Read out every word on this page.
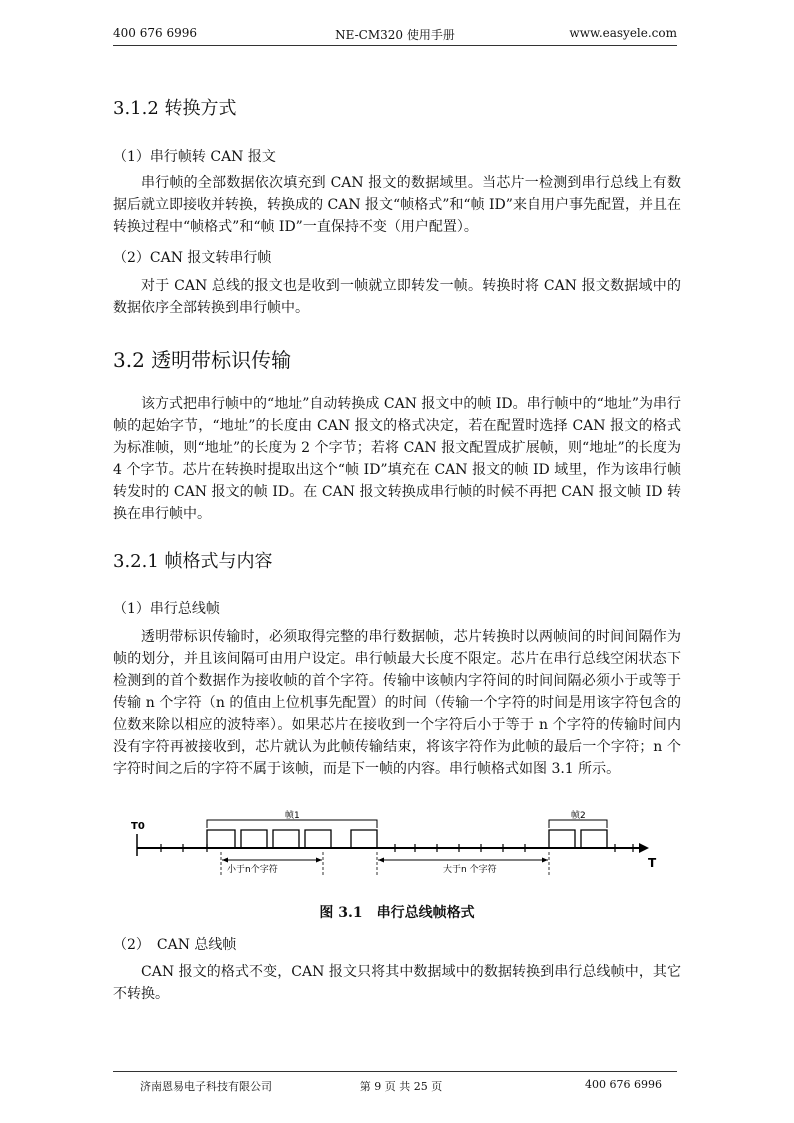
400 676 6996	NE-CM320 使用手册	www.easyele.com
3.1.2 转换方式
（1）串行帧转 CAN 报文

串行帧的全部数据依次填充到 CAN 报文的数据域里。当芯片一检测到串行总线上有数据后就立即接收并转换，转换成的 CAN 报文“帧格式”和“帧 ID”来自用户事先配置，并且在转换过程中“帧格式”和“帧 ID”一直保持不变（用户配置）。

（2）CAN 报文转串行帧

对于 CAN 总线的报文也是收到一帧就立即转发一帧。转换时将 CAN 报文数据域中的数据依序全部转换到串行帧中。

3.2 透明带标识传输

该方式把串行帧中的“地址”自动转换成 CAN 报文中的帧 ID。串行帧中的“地址”为串行帧的起始字节，“地址”的长度由 CAN 报文的格式决定，若在配置时选择 CAN 报文的格式为标准帧，则“地址”的长度为 2 个字节；若将 CAN 报文配置成扩展帧，则“地址”的长度为 4 个字节。芯片在转换时提取出这个“帧 ID”填充在 CAN 报文的帧 ID 域里，作为该串行帧转发时的 CAN 报文的帧 ID。在 CAN 报文转换成串行帧的时候不再把 CAN 报文帧 ID 转换在串行帧中。

3.2.1 帧格式与内容
（1）串行总线帧

透明带标识传输时，必须取得完整的串行数据帧，芯片转换时以两帧间的时间间隔作为帧的划分，并且该间隔可由用户设定。串行帧最大长度不限定。芯片在串行总线空闲状态下检测到的首个数据作为接收帧的首个字符。传输中该帧内字符间的时间间隔必须小于或等于传输 n 个字符（n 的值由上位机事先配置）的时间（传输一个字符的时间是用该字符包含的位数来除以相应的波特率）。如果芯片在接收到一个字符后小于等于 n 个字符的传输时间内没有字符再被接收到，芯片就认为此帧传输结束，将该字符作为此帧的最后一个字符；n 个字符时间之后的字符不属于该帧，而是下一帧的内容。串行帧格式如图 3.1 所示。

T0
T
帧1	帧2
小于n个字符	大于n 个字符
图 3.1　串行总线帧格式
（2）　CAN 总线帧

CAN 报文的格式不变，CAN 报文只将其中数据域中的数据转换到串行总线帧中，其它不转换。

济南恩易电子科技有限公司	第 9 页 共 25 页	400 676 6996
